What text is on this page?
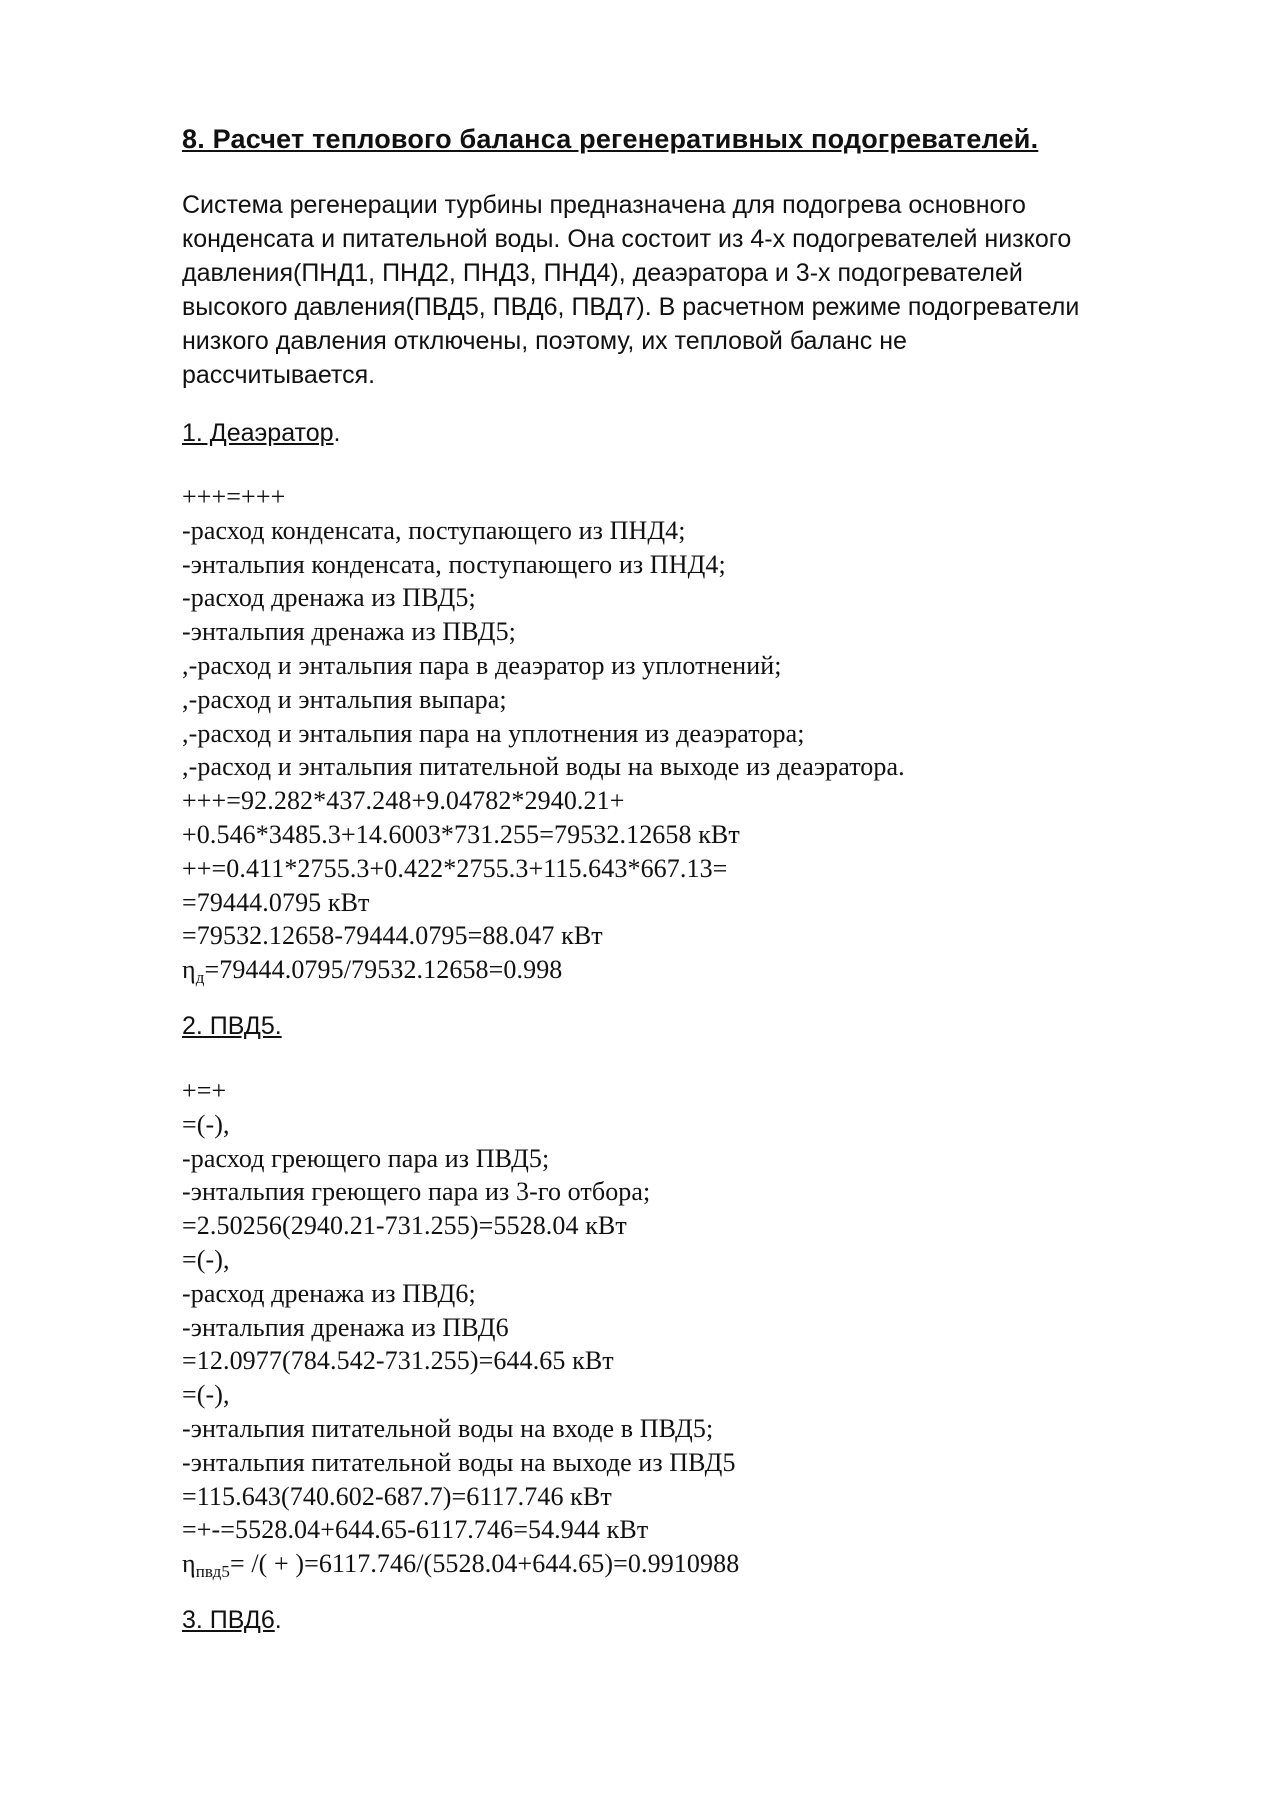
8. Расчет теплового баланса регенеративных подогревателей.
Система регенерации турбины предназначена для подогрева основного
конденсата и питательной воды. Она состоит из 4-х подогревателей низкого
давления(ПНД1, ПНД2, ПНД3, ПНД4), деаэратора и 3-х подогревателей
высокого давления(ПВД5, ПВД6, ПВД7). В расчетном режиме подогреватели
низкого давления отключены, поэтому, их тепловой баланс не
рассчитывается.
1. Деаэратор.
+++=+++
-расход конденсата, поступающего из ПНД4;
-энтальпия конденсата, поступающего из ПНД4;
-расход дренажа из ПВД5;
-энтальпия дренажа из ПВД5;
,-расход и энтальпия пара в деаэратор из уплотнений;
,-расход и энтальпия выпара;
,-расход и энтальпия пара на уплотнения из деаэратора;
,-расход и энтальпия питательной воды на выходе из деаэратора.
+++=92.282*437.248+9.04782*2940.21+
+0.546*3485.3+14.6003*731.255=79532.12658 кВт
++=0.411*2755.3+0.422*2755.3+115.643*667.13=
=79444.0795 кВт
=79532.12658-79444.0795=88.047 кВт
$\eta_д=79444.0795/79532.12658=0.998$
2. ПВД5.
+=+
=(-),
-расход греющего пара из ПВД5;
-энтальпия греющего пара из 3-го отбора;
=2.50256(2940.21-731.255)=5528.04 кВт
=(-),
-расход дренажа из ПВД6;
-энтальпия дренажа из ПВД6
=12.0977(784.542-731.255)=644.65 кВт
=(-),
-энтальпия питательной воды на входе в ПВД5;
-энтальпия питательной воды на выходе из ПВД5
=115.643(740.602-687.7)=6117.746 кВт
=+-=5528.04+644.65-6117.746=54.944 кВт
$\eta_{пвд5}=$ /( + )=6117.746/(5528.04+644.65)=0.9910988
3. ПВД6.
